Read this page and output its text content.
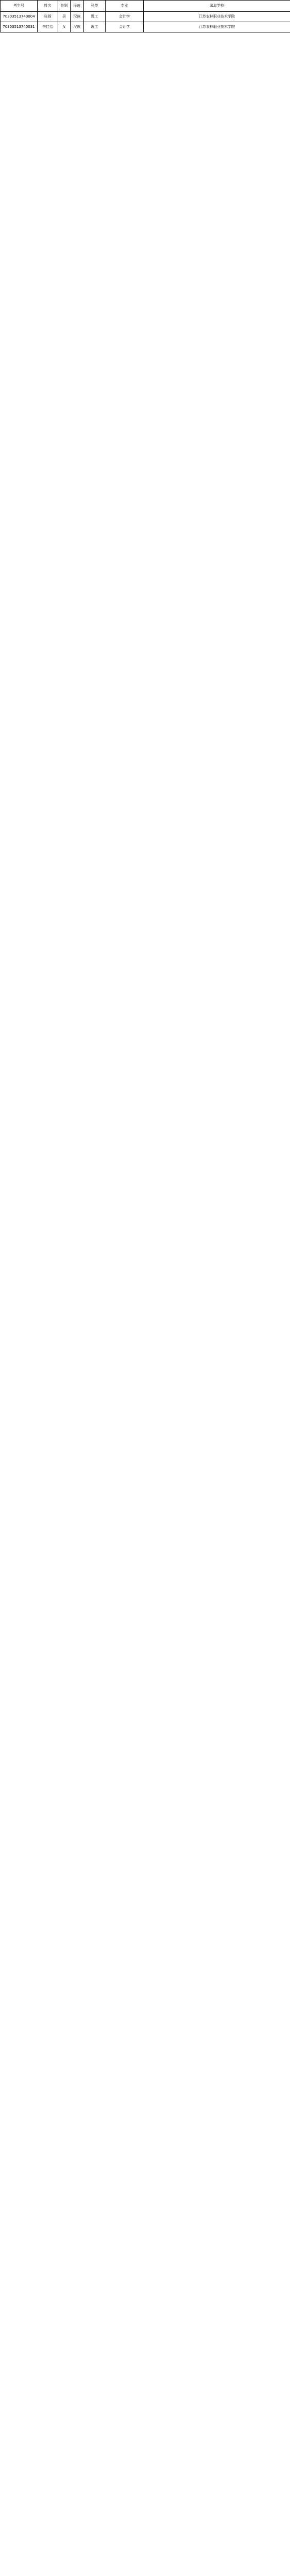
考生号	姓名	性别	民族	科类	专业	录取学校
70303513740004	张扬	男	汉族	理工	会计学	江苏农林职业技术学院
70303513740031	李佳怡	女	汉族	理工	会计学	江苏农林职业技术学院
